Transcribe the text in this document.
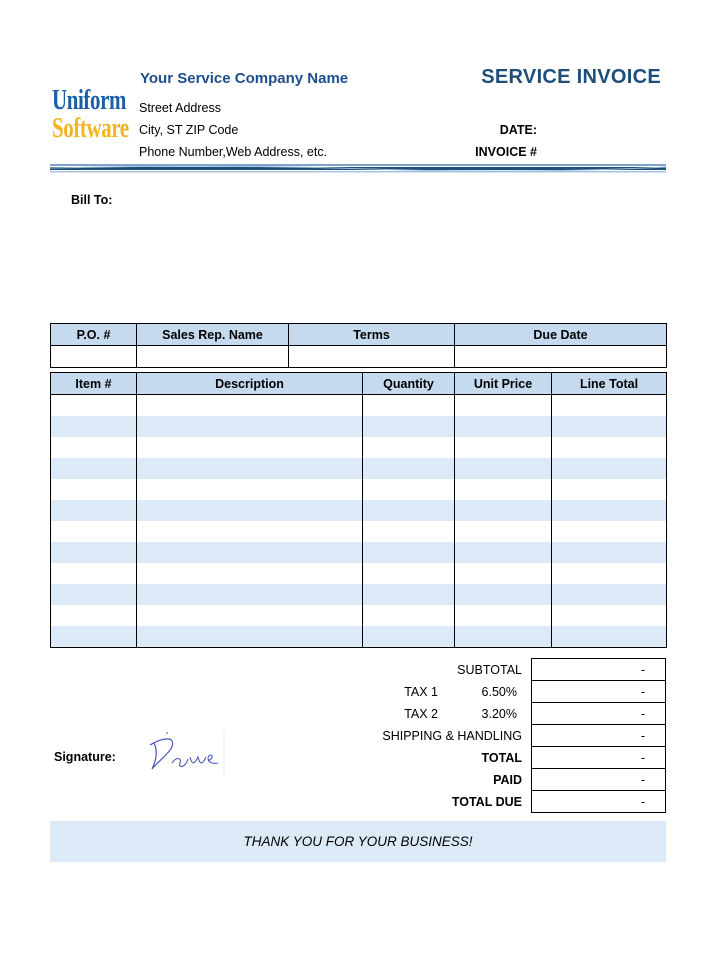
Uniform
Software
Your Service Company Name
Street Address
City, ST ZIP Code
Phone Number,Web Address, etc.
SERVICE INVOICE
DATE:
INVOICE #
Bill To:
P.O. #	Sales Rep. Name	Terms	Due Date

Item #	Description	Quantity	Unit Price	Line Total

SUBTOTAL		-
TAX 1	6.50%	-
TAX 2	3.20%	-
SHIPPING & HANDLING		-
TOTAL		-
PAID		-
TOTAL DUE		-
Signature:
THANK YOU FOR YOUR BUSINESS!
